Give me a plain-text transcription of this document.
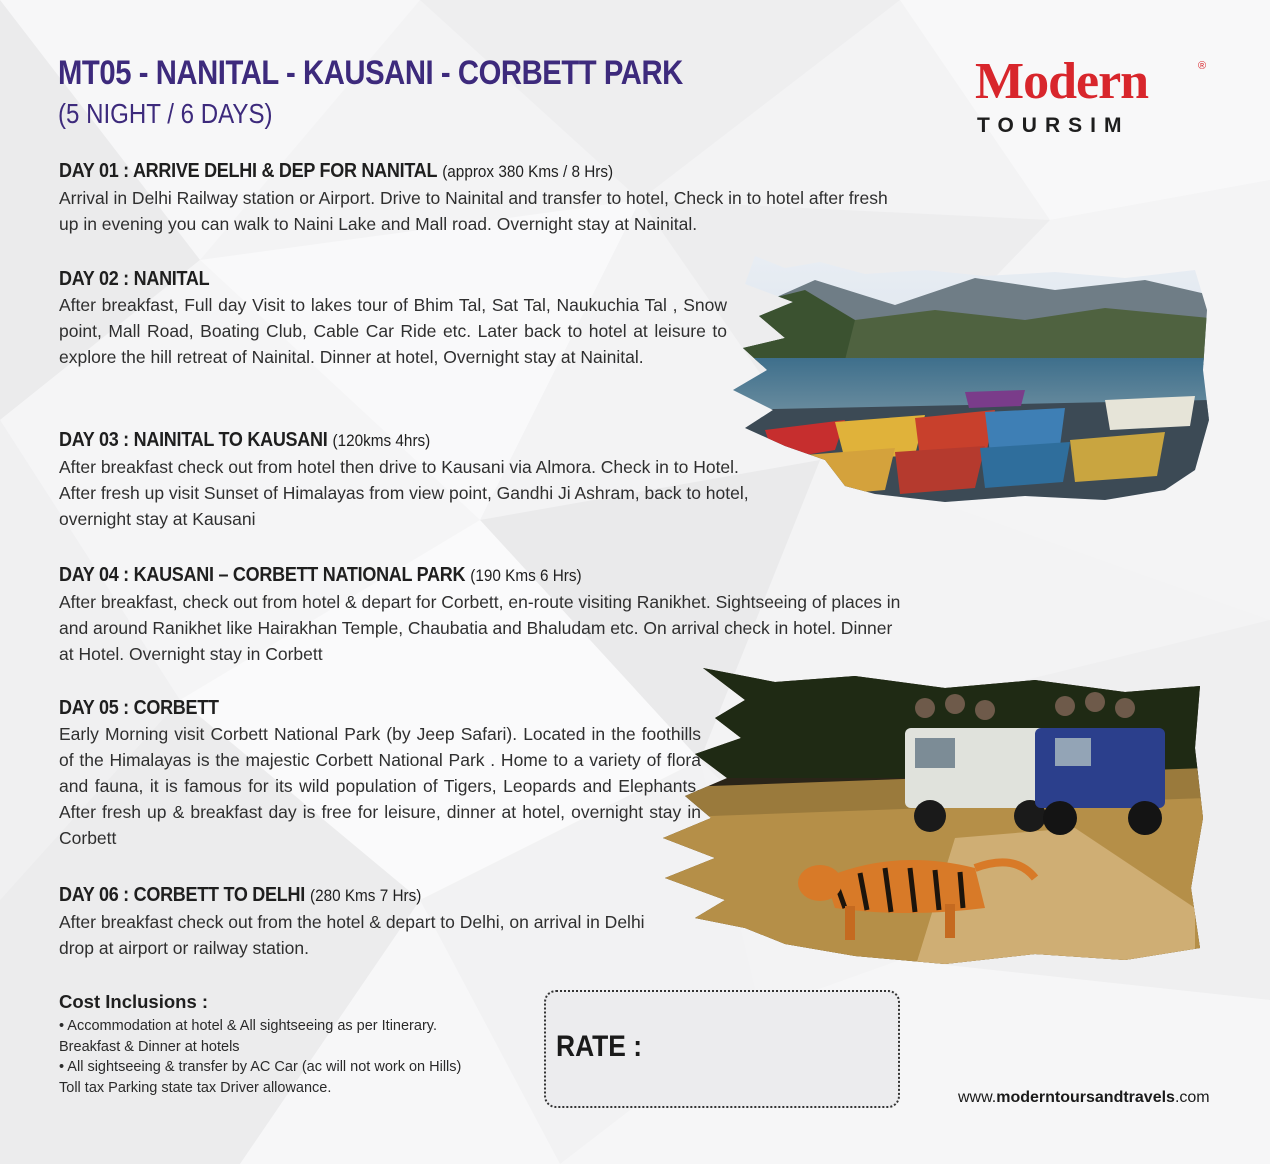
MT05 - NANITAL - KAUSANI - CORBETT PARK
(5 NIGHT / 6 DAYS)
Modern	®
TOURSIM
DAY 01 : ARRIVE DELHI & DEP FOR NANITAL (approx 380 Kms / 8 Hrs)
Arrival in Delhi Railway station or Airport. Drive to Nainital and transfer to hotel, Check in to hotel after fresh up in evening you can walk to Naini Lake and Mall road. Overnight stay at Nainital.
DAY 02 : NANITAL
After breakfast, Full day Visit to lakes tour of Bhim Tal, Sat Tal, Naukuchia Tal , Snow point, Mall Road, Boating Club, Cable Car Ride etc. Later back to hotel at leisure to explore the hill retreat of Nainital. Dinner at hotel, Overnight stay at Nainital.
DAY 03 : NAINITAL TO KAUSANI (120kms 4hrs)
After breakfast check out from hotel then drive to Kausani via Almora. Check in to Hotel. After fresh up visit Sunset of Himalayas from view point, Gandhi Ji Ashram, back to hotel, overnight stay at Kausani
DAY 04 : KAUSANI – CORBETT NATIONAL PARK (190 Kms 6 Hrs)
After breakfast, check out from hotel & depart for Corbett, en-route visiting Ranikhet. Sightseeing of places in and around Ranikhet like Hairakhan Temple, Chaubatia and Bhaludam etc. On arrival check in hotel. Dinner at Hotel. Overnight stay in Corbett
DAY 05 : CORBETT
Early Morning visit Corbett National Park (by Jeep Safari). Located in the foothills of the Himalayas is the majestic Corbett National Park . Home to a variety of flora and fauna, it is famous for its wild population of Tigers, Leopards and Elephants. After fresh up & breakfast day is free for leisure, dinner at hotel, overnight stay in Corbett
DAY 06 : CORBETT TO DELHI (280 Kms 7 Hrs)
After breakfast check out from the hotel & depart to Delhi, on arrival in Delhi drop at airport or railway station.
Cost Inclusions :
• Accommodation at hotel & All sightseeing as per Itinerary.
Breakfast & Dinner at hotels
• All sightseeing & transfer by AC Car (ac will not work on Hills)
Toll tax Parking state tax Driver allowance.
RATE :
www.moderntoursandtravels.com
